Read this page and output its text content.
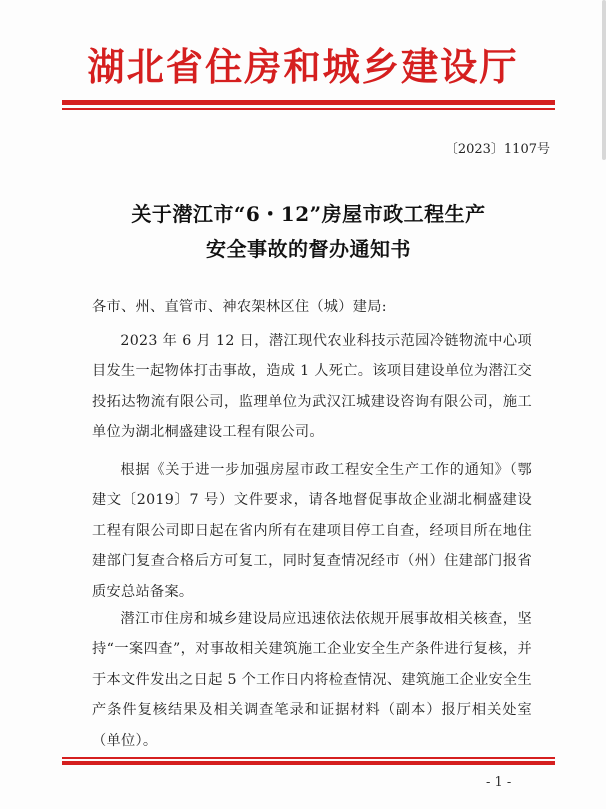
湖北省住房和城乡建设厅
〔2023〕1107号
关于潜江市“6・12”房屋市政工程生产
安全事故的督办通知书
各市、州、直管市、神农架林区住（城）建局:
2023 年 6 月 12 日，潜江现代农业科技示范园冷链物流中心项目发生一起物体打击事故，造成 1 人死亡。该项目建设单位为潜江交投拓达物流有限公司，监理单位为武汉江城建设咨询有限公司，施工单位为湖北桐盛建设工程有限公司。
根据《关于进一步加强房屋市政工程安全生产工作的通知》（鄂建文〔2019〕7 号）文件要求，请各地督促事故企业湖北桐盛建设工程有限公司即日起在省内所有在建项目停工自查，经项目所在地住建部门复查合格后方可复工，同时复查情况经市（州）住建部门报省质安总站备案。
潜江市住房和城乡建设局应迅速依法依规开展事故相关核查，坚持“一案四查”，对事故相关建筑施工企业安全生产条件进行复核，并于本文件发出之日起 5 个工作日内将检查情况、建筑施工企业安全生产条件复核结果及相关调查笔录和证据材料（副本）报厅相关处室（单位）。
- 1 -
